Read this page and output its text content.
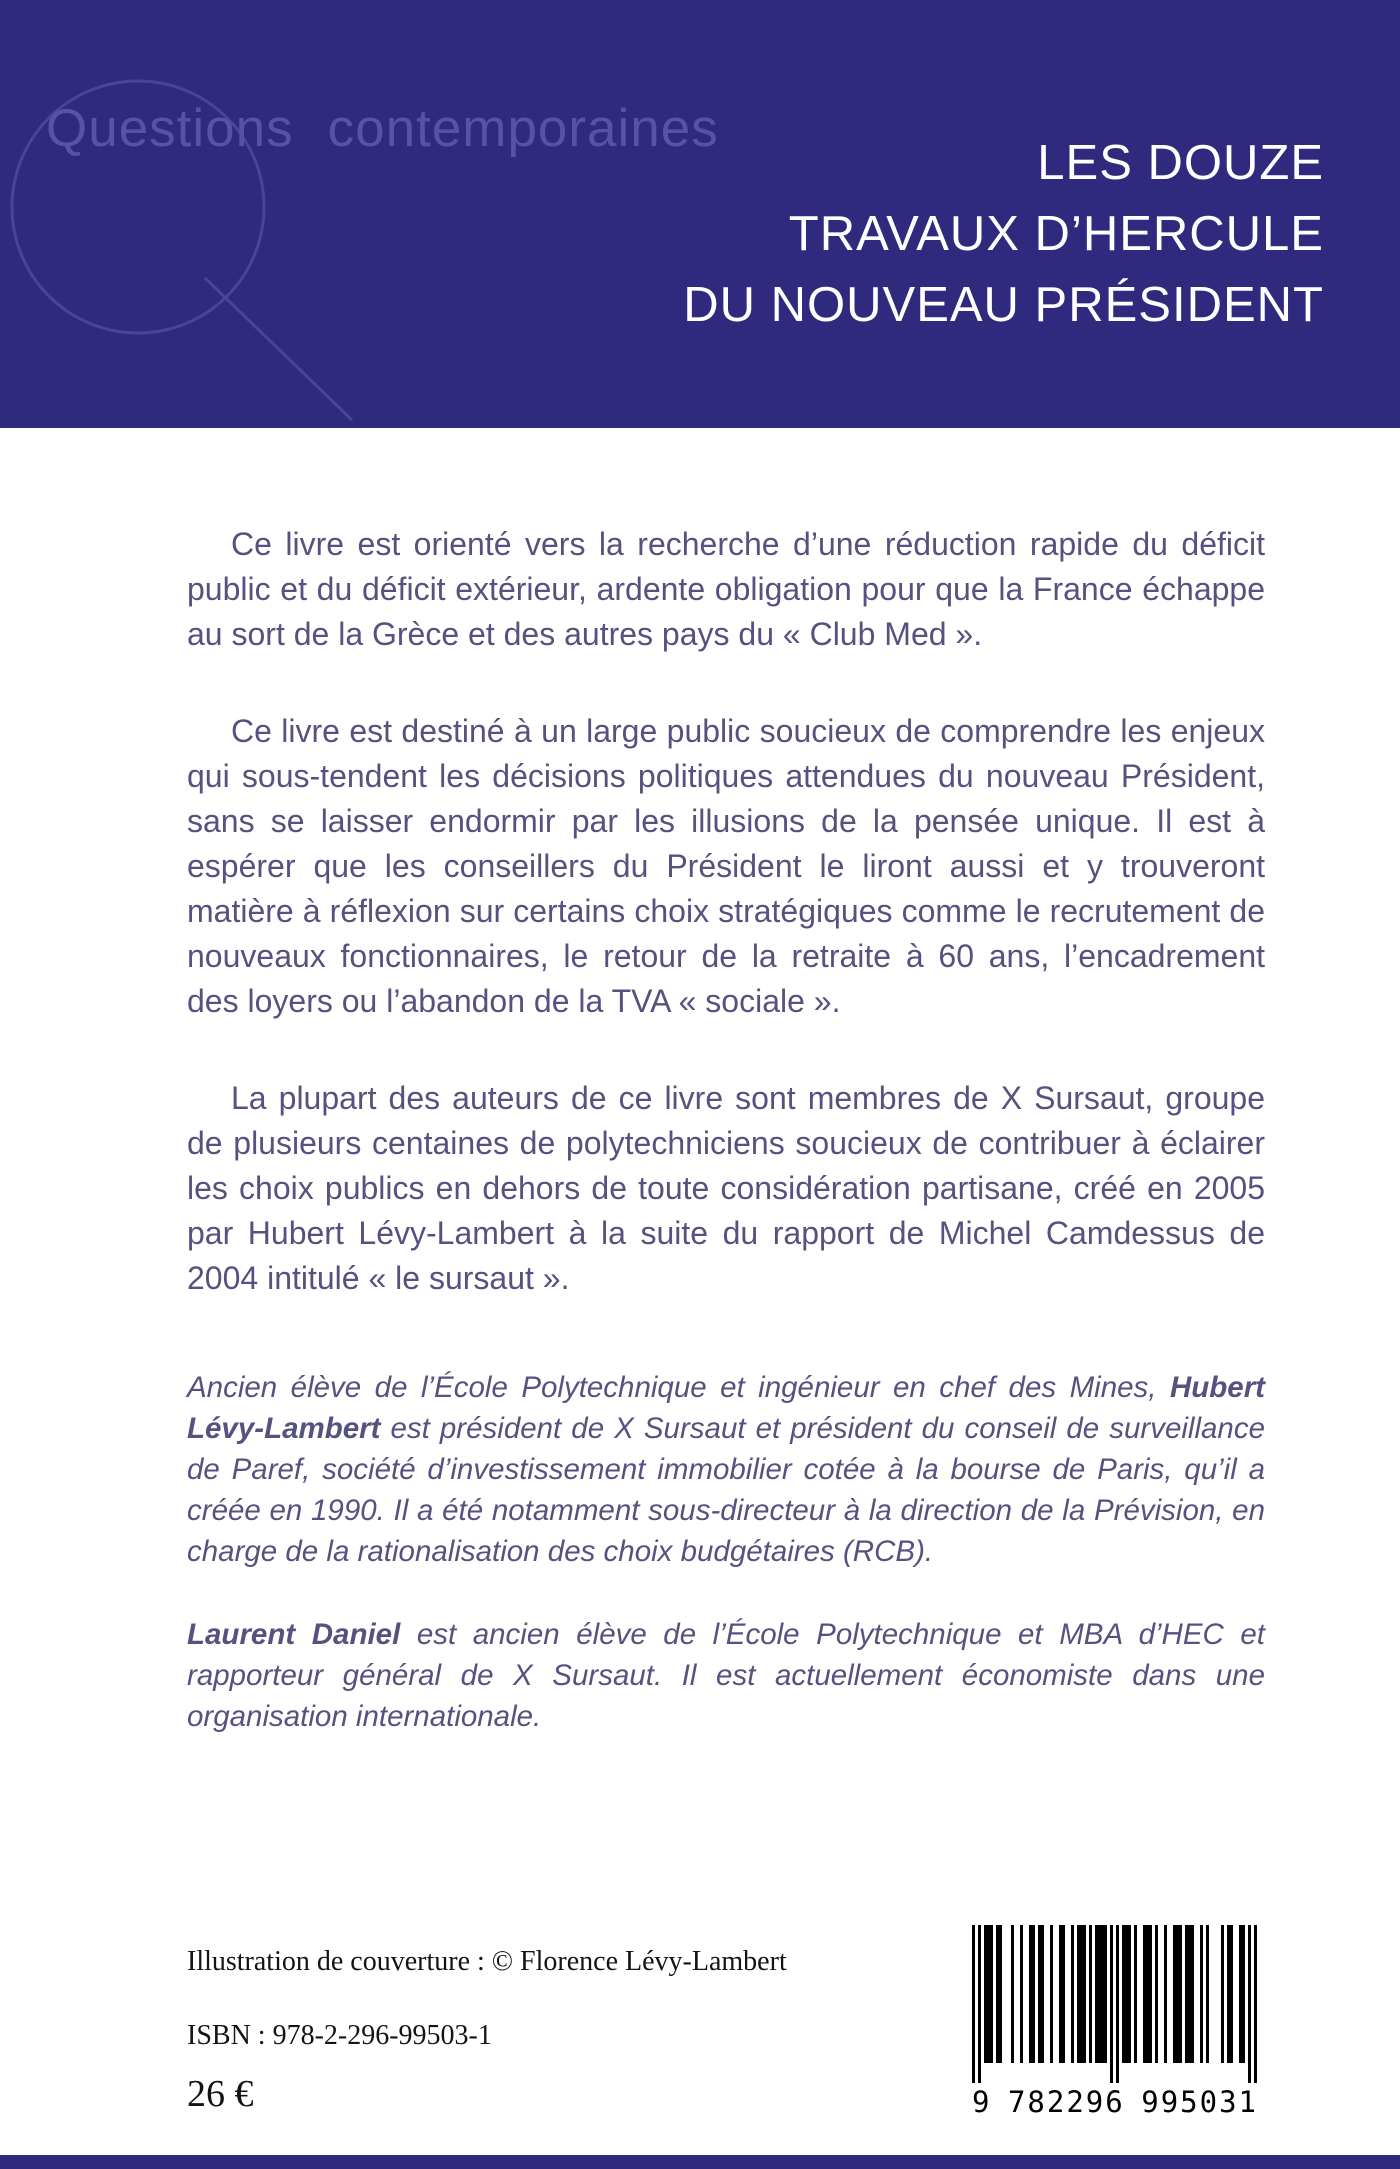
Questions contemporaines
LES DOUZE
TRAVAUX D’HERCULE
DU NOUVEAU PRÉSIDENT

Ce livre est orienté vers la recherche d’une réduction rapide du déficit public et du déficit extérieur, ardente obligation pour que la France échappe au sort de la Grèce et des autres pays du « Club Med ».

Ce livre est destiné à un large public soucieux de comprendre les enjeux qui sous-tendent les décisions politiques attendues du nouveau Président, sans se laisser endormir par les illusions de la pensée unique. Il est à espérer que les conseillers du Président le liront aussi et y trouveront matière à réflexion sur certains choix stratégiques comme le recrutement de nouveaux fonctionnaires, le retour de la retraite à 60 ans, l’encadrement des loyers ou l’abandon de la TVA « sociale ».

La plupart des auteurs de ce livre sont membres de X Sursaut, groupe de plusieurs centaines de polytechniciens soucieux de contribuer à éclairer les choix publics en dehors de toute considération partisane, créé en 2005 par Hubert Lévy-Lambert à la suite du rapport de Michel Camdessus de 2004 intitulé « le sursaut ».

Ancien élève de l’École Polytechnique et ingénieur en chef des Mines, Hubert Lévy-Lambert est président de X Sursaut et président du conseil de surveillance de Paref, société d’investissement immobilier cotée à la bourse de Paris, qu’il a créée en 1990. Il a été notamment sous-directeur à la direction de la Prévision, en charge de la rationalisation des choix budgétaires (RCB).

Laurent Daniel est ancien élève de l’École Polytechnique et MBA d’HEC et rapporteur général de X Sursaut. Il est actuellement économiste dans une organisation internationale.

Illustration de couverture : © Florence Lévy-Lambert

ISBN : 978-2-296-99503-1

26 €	9 782296 995031
